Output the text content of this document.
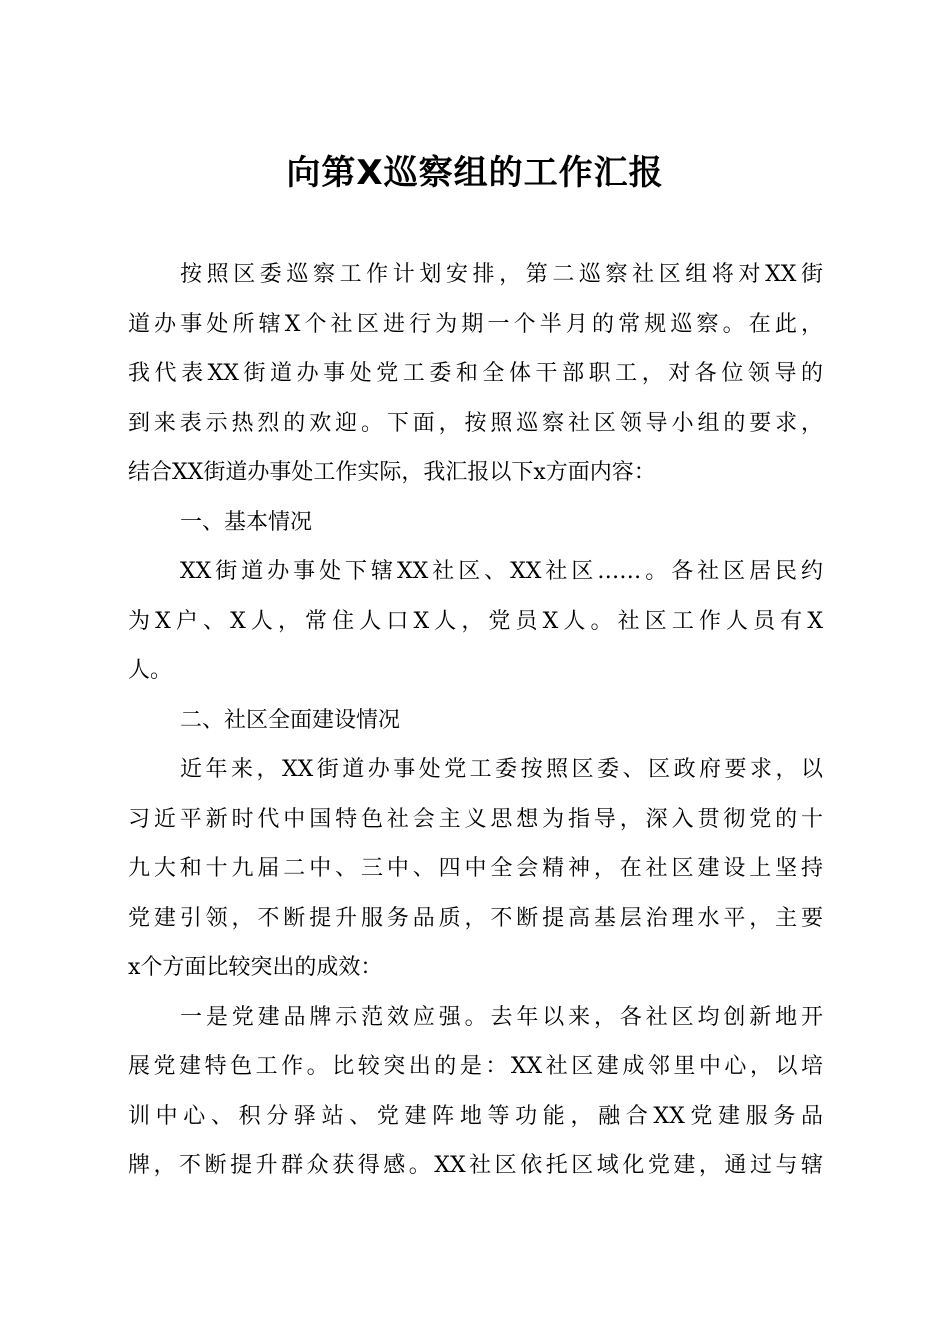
向第X巡察组的工作汇报
按照区委巡察工作计划安排，第二巡察社区组将对XX街
道办事处所辖X个社区进行为期一个半月的常规巡察。在此，
我代表XX街道办事处党工委和全体干部职工，对各位领导的
到来表示热烈的欢迎。下面，按照巡察社区领导小组的要求，
结合XX街道办事处工作实际，我汇报以下x方面内容：
一、基本情况
XX街道办事处下辖XX社区、XX社区……。各社区居民约
为X户、X人，常住人口X人，党员X人。社区工作人员有X
人。
二、社区全面建设情况
近年来，XX街道办事处党工委按照区委、区政府要求，以
习近平新时代中国特色社会主义思想为指导，深入贯彻党的十
九大和十九届二中、三中、四中全会精神，在社区建设上坚持
党建引领，不断提升服务品质，不断提高基层治理水平，主要
x个方面比较突出的成效：
一是党建品牌示范效应强。去年以来，各社区均创新地开
展党建特色工作。比较突出的是：XX社区建成邻里中心，以培
训中心、积分驿站、党建阵地等功能，融合XX党建服务品
牌，不断提升群众获得感。XX社区依托区域化党建，通过与辖
